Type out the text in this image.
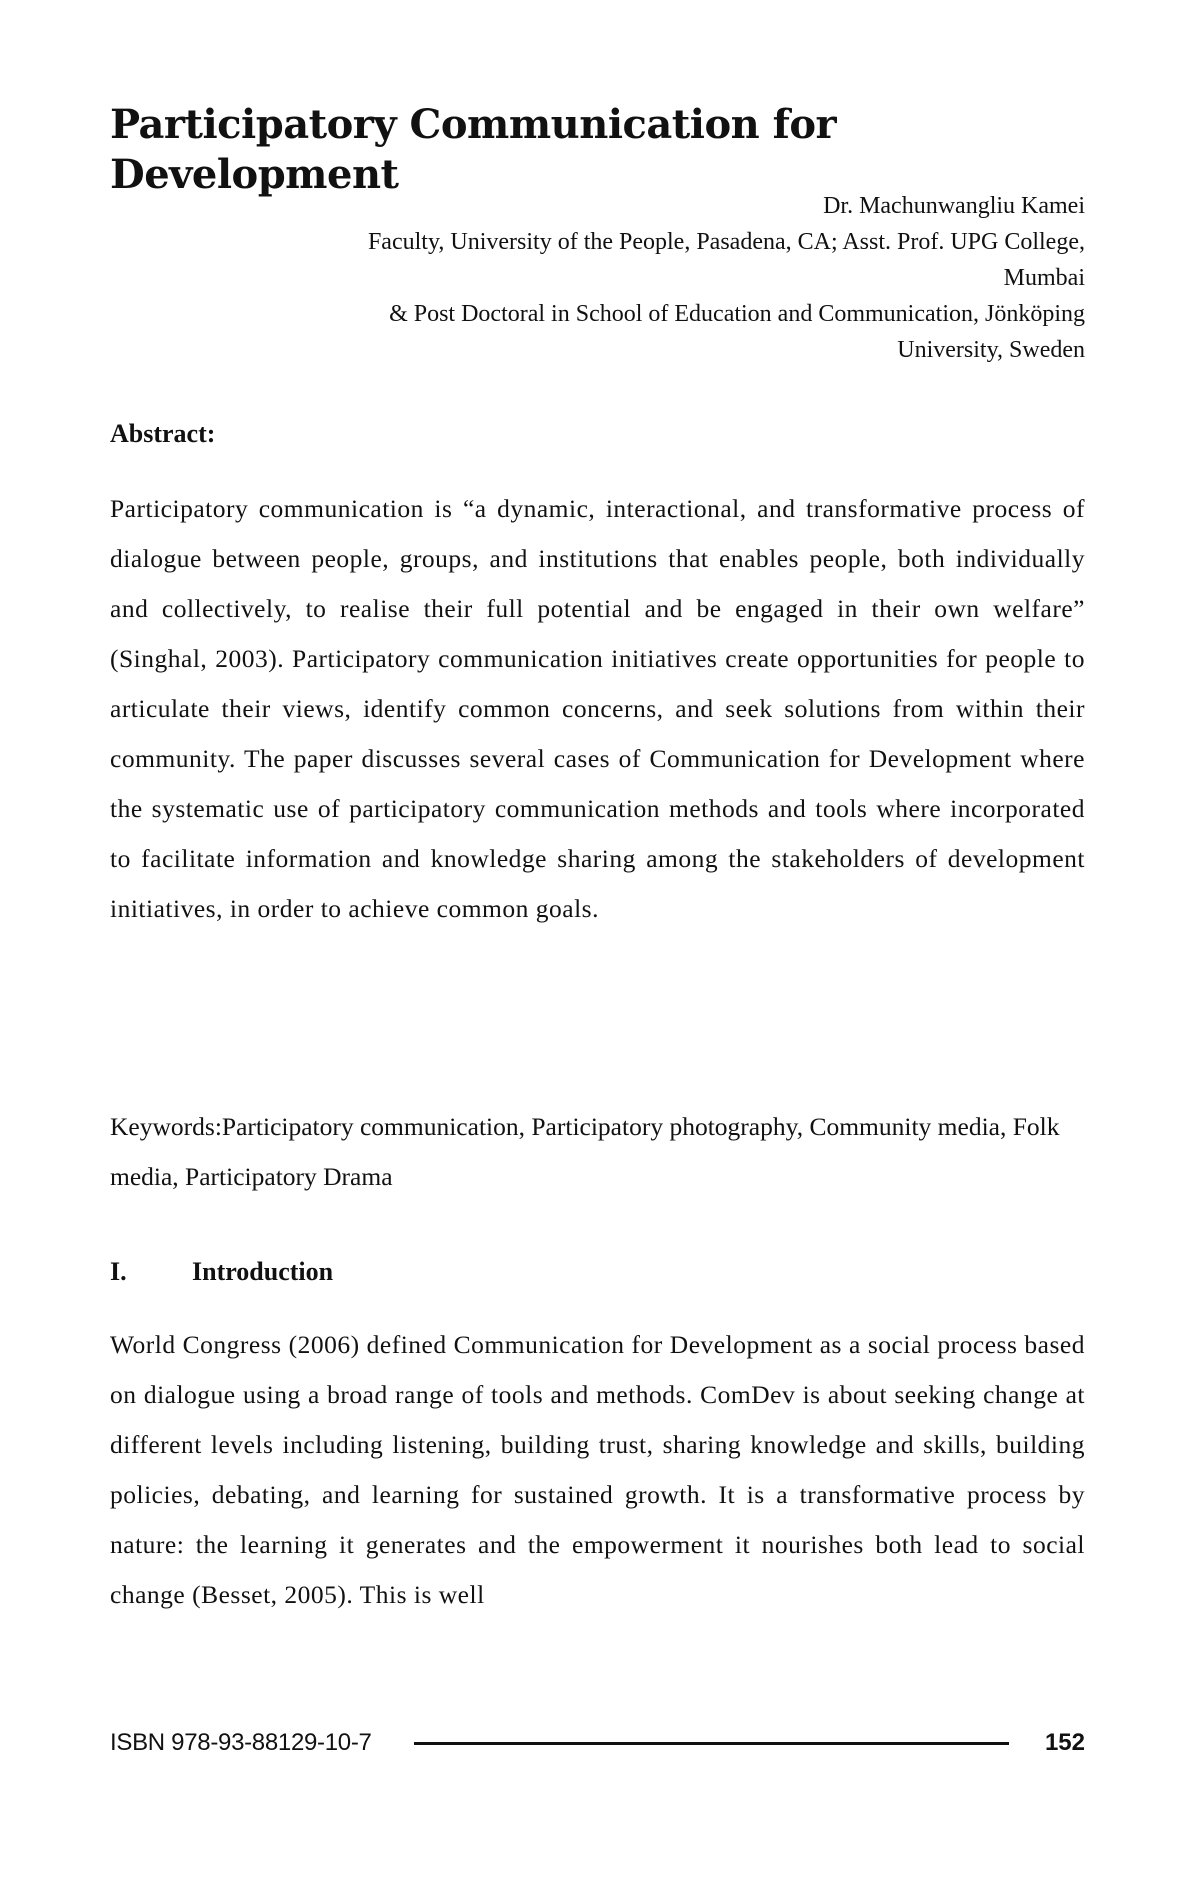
Participatory Communication for Development
Dr. Machunwangliu Kamei
Faculty, University of the People, Pasadena, CA; Asst. Prof. UPG College,
Mumbai
& Post Doctoral in School of Education and Communication, Jönköping
University, Sweden
Abstract:

Participatory communication is “a dynamic, interactional, and transformative process of dialogue between people, groups, and institutions that enables people, both individually and collectively, to realise their full potential and be engaged in their own welfare” (Singhal, 2003). Participatory communication initiatives create opportunities for people to articulate their views, identify common concerns, and seek solutions from within their community. The paper discusses several cases of Communication for Development where the systematic use of participatory communication methods and tools where incorporated to facilitate information and knowledge sharing among the stakeholders of development initiatives, in order to achieve common goals.

Keywords:Participatory communication, Participatory photography, Community media, Folk media, Participatory Drama

I.	Introduction

World Congress (2006) defined Communication for Development as a social process based on dialogue using a broad range of tools and methods. ComDev is about seeking change at different levels including listening, building trust, sharing knowledge and skills, building policies, debating, and learning for sustained growth. It is a transformative process by nature: the learning it generates and the empowerment it nourishes both lead to social change (Besset, 2005). This is well

ISBN 978-93-88129-10-7	152
